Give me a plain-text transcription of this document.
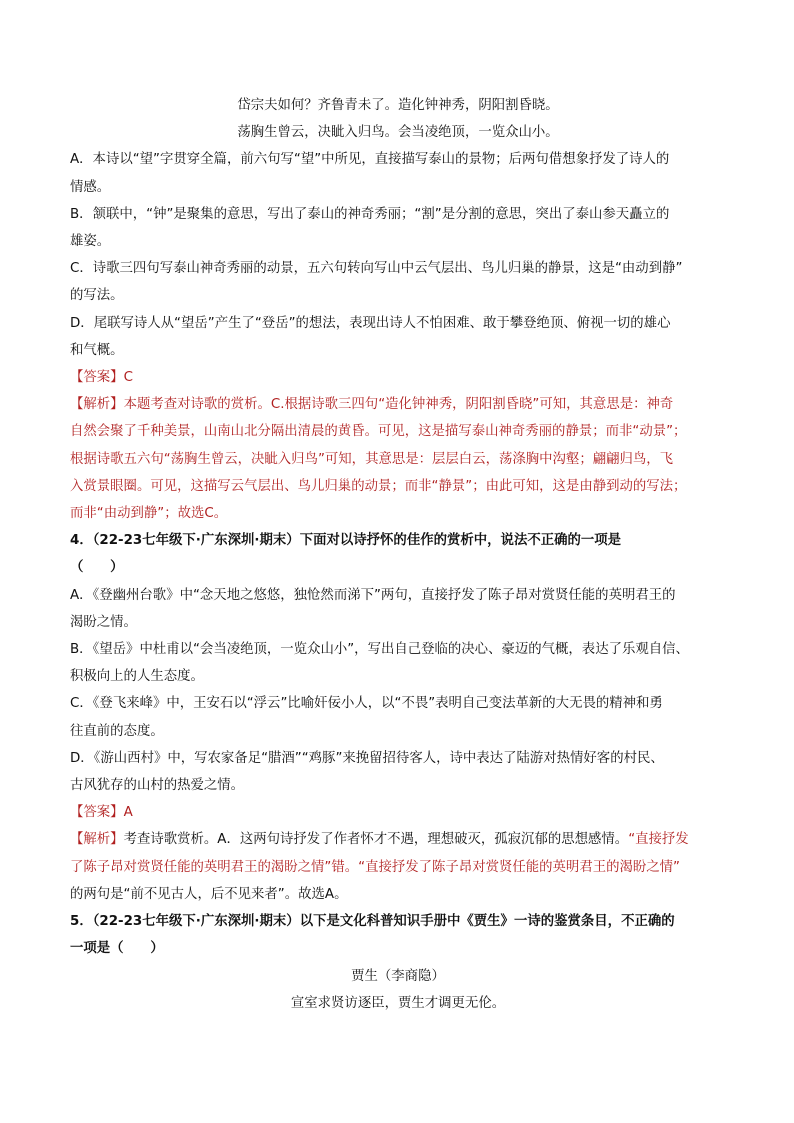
岱宗夫如何？齐鲁青未了。造化钟神秀，阴阳割昏晓。

荡胸生曾云，决眦入归鸟。会当凌绝顶，一览众山小。

A．本诗以“望”字贯穿全篇，前六句写“望”中所见，直接描写泰山的景物；后两句借想象抒发了诗人的

情感。

B．颔联中，“钟”是聚集的意思，写出了泰山的神奇秀丽；“割”是分割的意思，突出了泰山参天矗立的

雄姿。

C．诗歌三四句写泰山神奇秀丽的动景，五六句转向写山中云气层出、鸟儿归巢的静景，这是“由动到静”

的写法。

D．尾联写诗人从“望岳”产生了“登岳”的想法，表现出诗人不怕困难、敢于攀登绝顶、俯视一切的雄心

和气概。

【答案】C

【解析】本题考查对诗歌的赏析。C.根据诗歌三四句“造化钟神秀，阴阳割昏晓”可知，其意思是：神奇

自然会聚了千种美景，山南山北分隔出清晨的黄昏。可见，这是描写泰山神奇秀丽的静景；而非“动景”；

根据诗歌五六句“荡胸生曾云，决眦入归鸟”可知，其意思是：层层白云，荡涤胸中沟壑；翩翩归鸟，飞

入赏景眼圈。可见，这描写云气层出、鸟儿归巢的动景；而非“静景”；由此可知，这是由静到动的写法；

而非“由动到静”；故选C。

4．（22-23七年级下·广东深圳·期末）下面对以诗抒怀的佳作的赏析中，说法不正确的一项是

（　　）

A．《登幽州台歌》中“念天地之悠悠，独怆然而涕下”两句，直接抒发了陈子昂对赏贤任能的英明君王的

渴盼之情。

B．《望岳》中杜甫以“会当凌绝顶，一览众山小”，写出自己登临的决心、豪迈的气概，表达了乐观自信、

积极向上的人生态度。

C．《登飞来峰》中，王安石以“浮云”比喻奸佞小人，以“不畏”表明自己变法革新的大无畏的精神和勇

往直前的态度。

D．《游山西村》中，写农家备足“腊酒”“鸡豚”来挽留招待客人，诗中表达了陆游对热情好客的村民、

古风犹存的山村的热爱之情。

【答案】A

【解析】考查诗歌赏析。A．这两句诗抒发了作者怀才不遇，理想破灭，孤寂沉郁的思想感情。“直接抒发

了陈子昂对赏贤任能的英明君王的渴盼之情”错。“直接抒发了陈子昂对赏贤任能的英明君王的渴盼之情”

的两句是“前不见古人，后不见来者”。故选A。

5．（22-23七年级下·广东深圳·期末）以下是文化科普知识手册中《贾生》一诗的鉴赏条目，不正确的

一项是（　　）

贾生（李商隐）

宣室求贤访逐臣，贾生才调更无伦。
